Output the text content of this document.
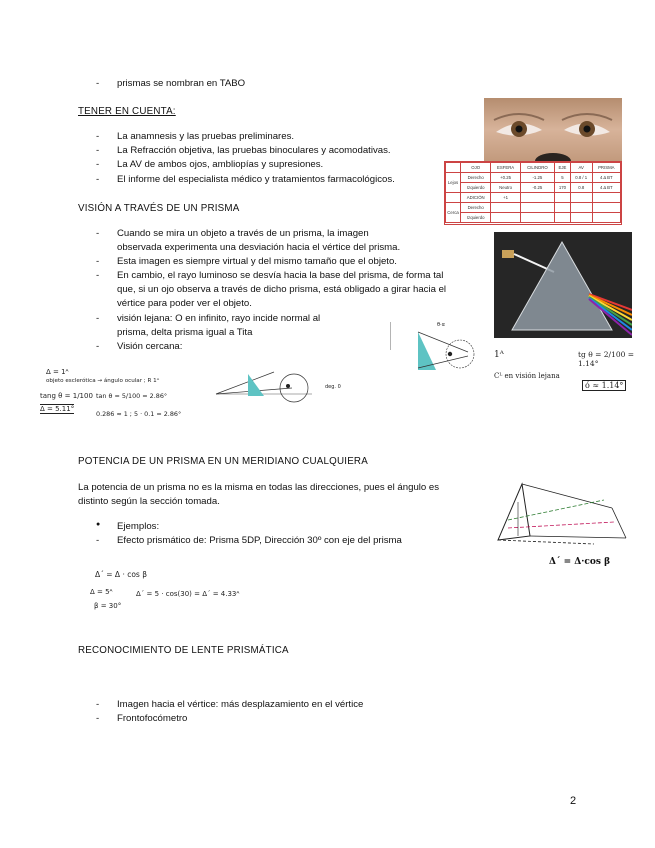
- prismas se nombran en TABO
TENER EN CUENTA:
- La anamnesis y las pruebas preliminares.
- La Refracción objetiva, las pruebas binoculares y acomodativas.
- La AV de ambos ojos, ambliopías y supresiones.
- El informe del especialista médico y tratamientos farmacológicos.
	OJO	ESFERA	CILINDRO	EJE	AV	PRISMA
Lejos	Derecho	+0.25	-1.25	5	0.8 / 1	4 Δ BT
	Izquierdo	Neutro	-0.25	170	0.8	4 Δ BT
	ADICIÓN	+1				
Cerca	Derecho					
	Izquierdo					
VISIÓN A TRAVÉS DE UN PRISMA
- Cuando se mira un objeto a través de un prisma, la imagen
observada experimenta una desviación hacia el vértice del prisma.
- Esta imagen es siempre virtual y del mismo tamaño que el objeto.
- En cambio, el rayo luminoso se desvía hacia la base del prisma, de forma tal
que, si un ojo observa a través de dicho prisma, está obligado a girar hacia el
vértice para poder ver el objeto.
- visión lejana: O en infinito, rayo incide normal al
prisma, delta prisma igual a Tita
- Visión cercana:
θ·α
Δ = 1ᴬ
objeto esclerótica → ángulo ocular ; R 1ᴬ
tang θ = 1/100
Δ = 5.11°
tan θ = 5/100 = 2.86°
0.286 ≈ 1 ; 5 · 0.1 = 2.86°
deg. 0
1ᴬ
Cᴸ en visión lejana
tg θ = 2/100 = 1.14°
ó ≈ 1.14°
POTENCIA DE UN PRISMA EN UN MERIDIANO CUALQUIERA
La potencia de un prisma no es la misma en todas las direcciones, pues el ángulo es
distinto según la sección tomada.
● Ejemplos:
- Efecto prismático de: Prisma 5DP, Dirección 30º con eje del prisma
Δ´ = Δ·cos β
Δ´ = Δ · cos β
Δ = 5ᴬ
β = 30°
Δ´ = 5 · cos(30) = Δ´ = 4.33ᴬ
RECONOCIMIENTO DE LENTE PRISMÁTICA
- Imagen hacia el vértice: más desplazamiento en el vértice
- Frontofocómetro
2
